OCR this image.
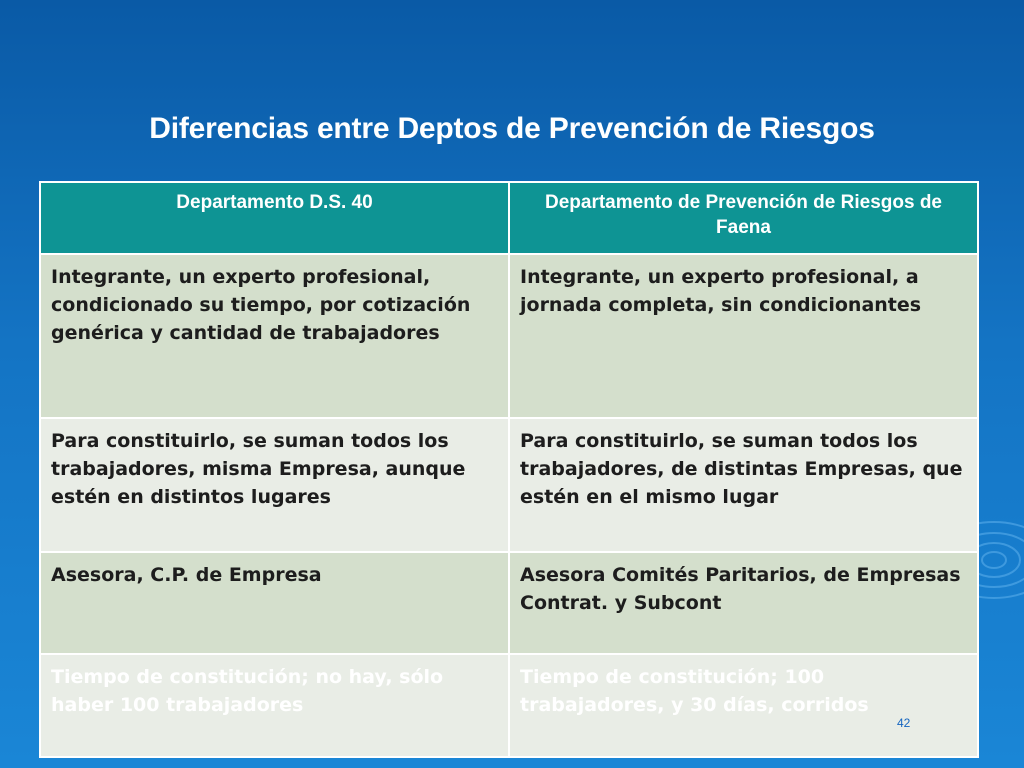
Diferencias entre Deptos de Prevención de Riesgos
Departamento D.S. 40	Departamento de Prevención de Riesgos de Faena
Integrante, un experto profesional, condicionado su tiempo, por cotización genérica y cantidad de trabajadores	Integrante, un experto profesional, a jornada completa, sin condicionantes
Para constituirlo, se suman todos los trabajadores, misma Empresa, aunque estén en distintos lugares	Para constituirlo, se suman todos los trabajadores, de distintas Empresas, que estén en el mismo lugar
Asesora, C.P. de Empresa	Asesora Comités Paritarios, de Empresas Contrat. y Subcont
Tiempo de constitución; no hay, sólo haber 100 trabajadores	Tiempo de constitución; 100 trabajadores, y 30 días, corridos
42
